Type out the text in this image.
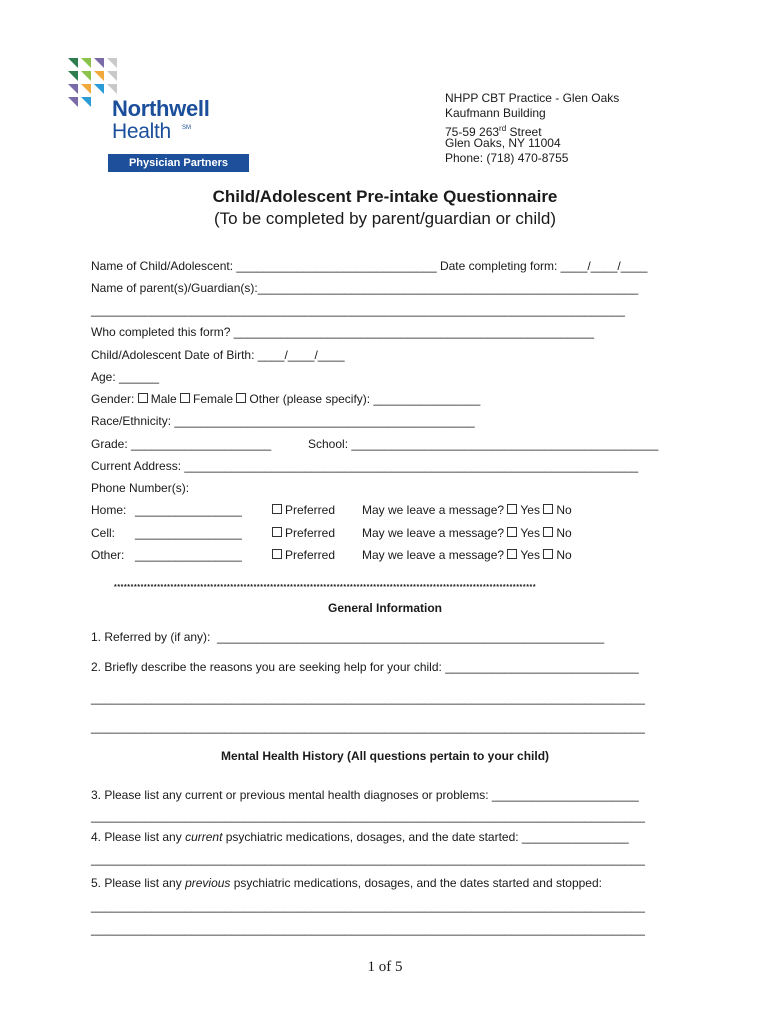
Northwell
Health SM
Physician Partners
NHPP CBT Practice - Glen Oaks
Kaufmann Building
75-59 263rd Street
Glen Oaks, NY 11004
Phone: (718) 470-8755
Child/Adolescent Pre-intake Questionnaire
(To be completed by parent/guardian or child)
Name of Child/Adolescent: ______________________________ Date completing form: ____/____/____
Name of parent(s)/Guardian(s):_________________________________________________________
________________________________________________________________________________
Who completed this form? ______________________________________________________
Child/Adolescent Date of Birth: ____/____/____
Age: ______
Gender: Male Female Other (please specify): ________________
Race/Ethnicity: _____________________________________________
Grade: _____________________	School: ______________________________________________
Current Address: ____________________________________________________________________
Phone Number(s):
Home: ________________	Preferred May we leave a message? Yes No
Cell: ________________	Preferred May we leave a message? Yes No
Other: ________________	Preferred May we leave a message? Yes No
*******************************************************************************************************************************
General Information
1. Referred by (if any):  __________________________________________________________
2. Briefly describe the reasons you are seeking help for your child: _____________________________
___________________________________________________________________________________
___________________________________________________________________________________
Mental Health History (All questions pertain to your child)
3. Please list any current or previous mental health diagnoses or problems: ______________________
___________________________________________________________________________________
4. Please list any current psychiatric medications, dosages, and the date started: ________________
___________________________________________________________________________________
5. Please list any previous psychiatric medications, dosages, and the dates started and stopped:
___________________________________________________________________________________
___________________________________________________________________________________
1 of 5
